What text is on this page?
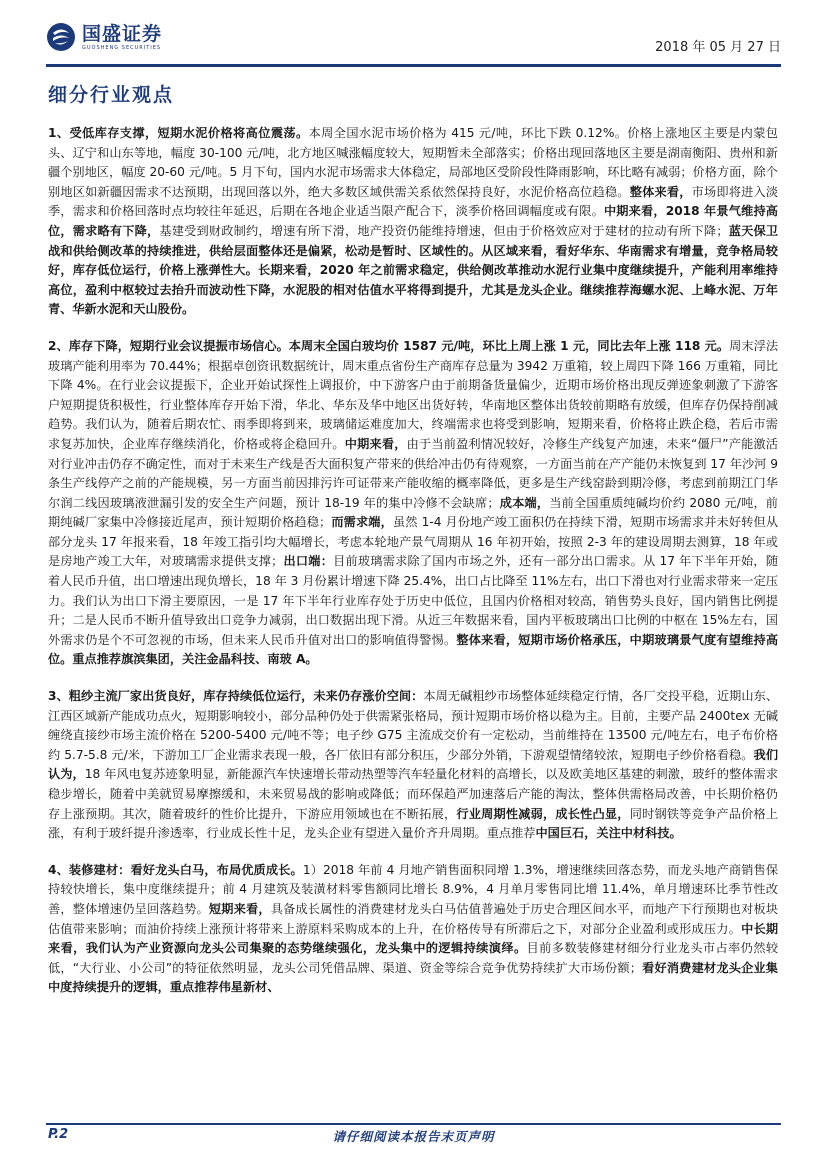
国盛证券
GUOSHENG SECURITIES	2018 年 05 月 27 日
细分行业观点

1、受低库存支撑，短期水泥价格将高位震荡。本周全国水泥市场价格为 415 元/吨，环比下跌 0.12%。价格上涨地区主要是内蒙包头、辽宁和山东等地，幅度 30-100 元/吨，北方地区喊涨幅度较大，短期暂未全部落实；价格出现回落地区主要是湖南衡阳、贵州和新疆个别地区，幅度 20-60 元/吨。5 月下旬，国内水泥市场需求大体稳定，局部地区受阶段性降雨影响，环比略有减弱；价格方面，除个别地区如新疆因需求不达预期，出现回落以外，绝大多数区域供需关系依然保持良好，水泥价格高位趋稳。整体来看，市场即将进入淡季，需求和价格回落时点均较往年延迟，后期在各地企业适当限产配合下，淡季价格回调幅度或有限。中期来看，2018 年景气维持高位，需求略有下降，基建受到财政制约，增速有所下滑，地产投资仍能维持增速，但由于价格效应对于建材的拉动有所下降；蓝天保卫战和供给侧改革的持续推进，供给层面整体还是偏紧，松动是暂时、区域性的。从区域来看，看好华东、华南需求有增量，竞争格局较好，库存低位运行，价格上涨弹性大。长期来看，2020 年之前需求稳定，供给侧改革推动水泥行业集中度继续提升，产能利用率维持高位，盈利中枢较过去抬升而波动性下降，水泥股的相对估值水平将得到提升，尤其是龙头企业。继续推荐海螺水泥、上峰水泥、万年青、华新水泥和天山股份。

2、库存下降，短期行业会议提振市场信心。本周末全国白玻均价 1587 元/吨，环比上周上涨 1 元，同比去年上涨 118 元。周末浮法玻璃产能利用率为 70.44%；根据卓创资讯数据统计，周末重点省份生产商库存总量为 3942 万重箱，较上周四下降 166 万重箱，同比下降 4%。在行业会议提振下，企业开始试探性上调报价，中下游客户由于前期备货量偏少，近期市场价格出现反弹迹象刺激了下游客户短期提货积极性，行业整体库存开始下滑，华北、华东及华中地区出货好转，华南地区整体出货较前期略有放缓，但库存仍保持削减趋势。我们认为，随着后期农忙、雨季即将到来，玻璃储运难度加大，终端需求也将受到影响，短期来看，价格将止跌企稳，若后市需求复苏加快，企业库存继续消化，价格或将企稳回升。中期来看，由于当前盈利情况较好，冷修生产线复产加速，未来“僵尸”产能激活对行业冲击仍存不确定性，而对于未来生产线是否大面积复产带来的供给冲击仍有待观察，一方面当前在产产能仍未恢复到 17 年沙河 9 条生产线停产之前的产能规模，另一方面当前因排污许可证带来产能收缩的概率降低，更多是生产线窑龄到期冷修，考虑到前期江门华尔润二线因玻璃液泄漏引发的安全生产问题，预计 18-19 年的集中冷修不会缺席；成本端，当前全国重质纯碱均价约 2080 元/吨，前期纯碱厂家集中冷修接近尾声，预计短期价格趋稳；而需求端，虽然 1-4 月份地产竣工面积仍在持续下滑，短期市场需求并未好转但从部分龙头 17 年报来看，18 年竣工指引均大幅增长，考虑本轮地产景气周期从 16 年初开始，按照 2-3 年的建设周期去测算，18 年或是房地产竣工大年，对玻璃需求提供支撑；出口端：目前玻璃需求除了国内市场之外，还有一部分出口需求。从 17 年下半年开始，随着人民币升值，出口增速出现负增长，18 年 3 月份累计增速下降 25.4%，出口占比降至 11%左右，出口下滑也对行业需求带来一定压力。我们认为出口下滑主要原因，一是 17 年下半年行业库存处于历史中低位，且国内价格相对较高，销售势头良好，国内销售比例提升；二是人民币不断升值导致出口竞争力减弱，出口数据出现下滑。从近三年数据来看，国内平板玻璃出口比例的中枢在 15%左右，国外需求仍是个不可忽视的市场，但未来人民币升值对出口的影响值得警惕。整体来看，短期市场价格承压，中期玻璃景气度有望维持高位。重点推荐旗滨集团，关注金晶科技、南玻 A。

3、粗纱主流厂家出货良好，库存持续低位运行，未来仍存涨价空间：本周无碱粗纱市场整体延续稳定行情，各厂交投平稳，近期山东、江西区域新产能成功点火，短期影响较小，部分品种仍处于供需紧张格局，预计短期市场价格以稳为主。目前，主要产品 2400tex 无碱缠绕直接纱市场主流价格在 5200-5400 元/吨不等；电子纱 G75 主流成交价有一定松动，当前维持在 13500 元/吨左右，电子布价格约 5.7-5.8 元/米，下游加工厂企业需求表现一般，各厂依旧有部分积压，少部分外销，下游观望情绪较浓，短期电子纱价格看稳。我们认为，18 年风电复苏迹象明显，新能源汽车快速增长带动热塑等汽车轻量化材料的高增长，以及欧美地区基建的刺激，玻纤的整体需求稳步增长，随着中美就贸易摩擦缓和，未来贸易战的影响或降低；而环保趋严加速落后产能的淘汰，整体供需格局改善，中长期价格仍存上涨预期。其次，随着玻纤的性价比提升，下游应用领域也在不断拓展，行业周期性减弱，成长性凸显，同时钢铁等竞争产品价格上涨，有利于玻纤提升渗透率，行业成长性十足，龙头企业有望进入量价齐升周期。重点推荐中国巨石，关注中材科技。

4、装修建材：看好龙头白马，布局优质成长。1）2018 年前 4 月地产销售面积同增 1.3%，增速继续回落态势，而龙头地产商销售保持较快增长，集中度继续提升；前 4 月建筑及装潢材料零售额同比增长 8.9%，4 月单月零售同比增 11.4%，单月增速环比季节性改善，整体增速仍呈回落趋势。短期来看，具备成长属性的消费建材龙头白马估值普遍处于历史合理区间水平，而地产下行预期也对板块估值带来影响；而油价持续上涨预计将带来上游原料采购成本的上升，在价格传导有所滞后之下，对部分企业盈利或形成压力。中长期来看，我们认为产业资源向龙头公司集聚的态势继续强化，龙头集中的逻辑持续演绎。目前多数装修建材细分行业龙头市占率仍然较低，“大行业、小公司”的特征依然明显，龙头公司凭借品牌、渠道、资金等综合竞争优势持续扩大市场份额；看好消费建材龙头企业集中度持续提升的逻辑，重点推荐伟星新材、

P.2	请仔细阅读本报告末页声明
